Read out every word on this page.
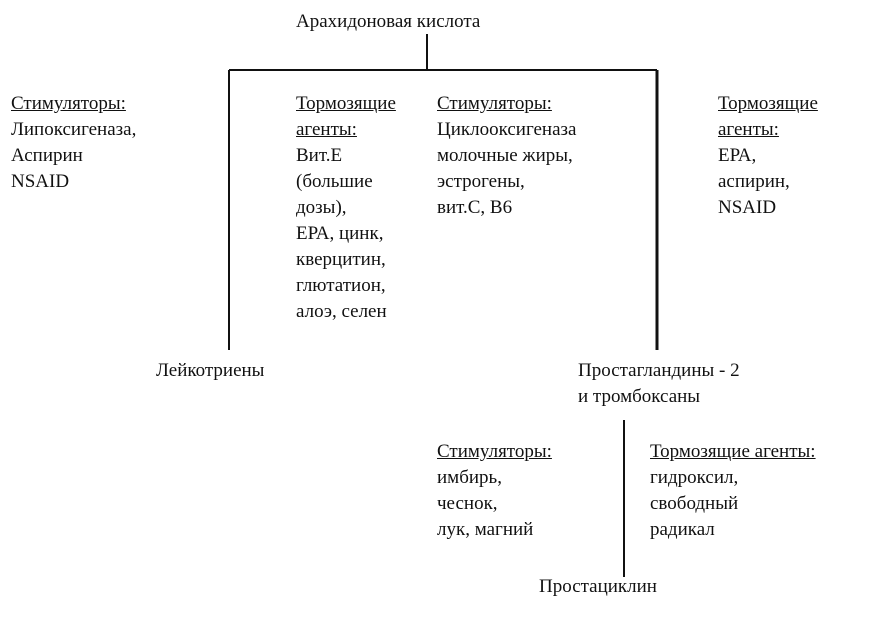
Арахидоновая кислота
Стимуляторы:
Липоксигеназа,
Аспирин
NSAID
Тормозящие
агенты:
Вит.Е
(большие
дозы),
ЕРА, цинк,
кверцитин,
глютатион,
алоэ, селен
Стимуляторы:
Циклооксигеназа
молочные жиры,
эстрогены,
вит.С, В6
Тормозящие
агенты:
ЕРА,
аспирин,
NSAID
Лейкотриены	Простагландины - 2
и тромбоксаны
Стимуляторы:
имбирь,
чеснок,
лук, магний
Тормозящие агенты:
гидроксил,
свободный
радикал
Простациклин
